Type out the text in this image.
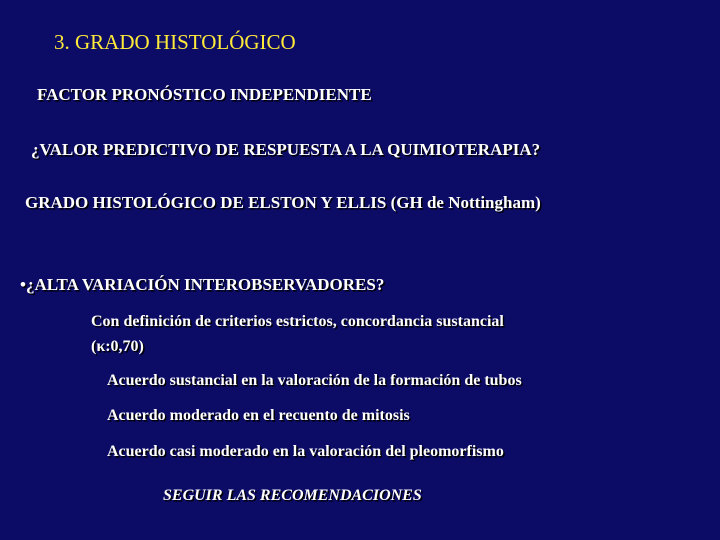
3. GRADO HISTOLÓGICO

FACTOR PRONÓSTICO INDEPENDIENTE

¿VALOR PREDICTIVO DE RESPUESTA A LA QUIMIOTERAPIA?

GRADO HISTOLÓGICO DE ELSTON Y ELLIS (GH de Nottingham)

•¿ALTA VARIACIÓN INTEROBSERVADORES?

Con definición de criterios estrictos, concordancia sustancial

(κ:0,70)

Acuerdo sustancial en la valoración de la formación de tubos

Acuerdo moderado en el recuento de mitosis

Acuerdo casi moderado en la valoración del pleomorfismo

SEGUIR LAS RECOMENDACIONES
